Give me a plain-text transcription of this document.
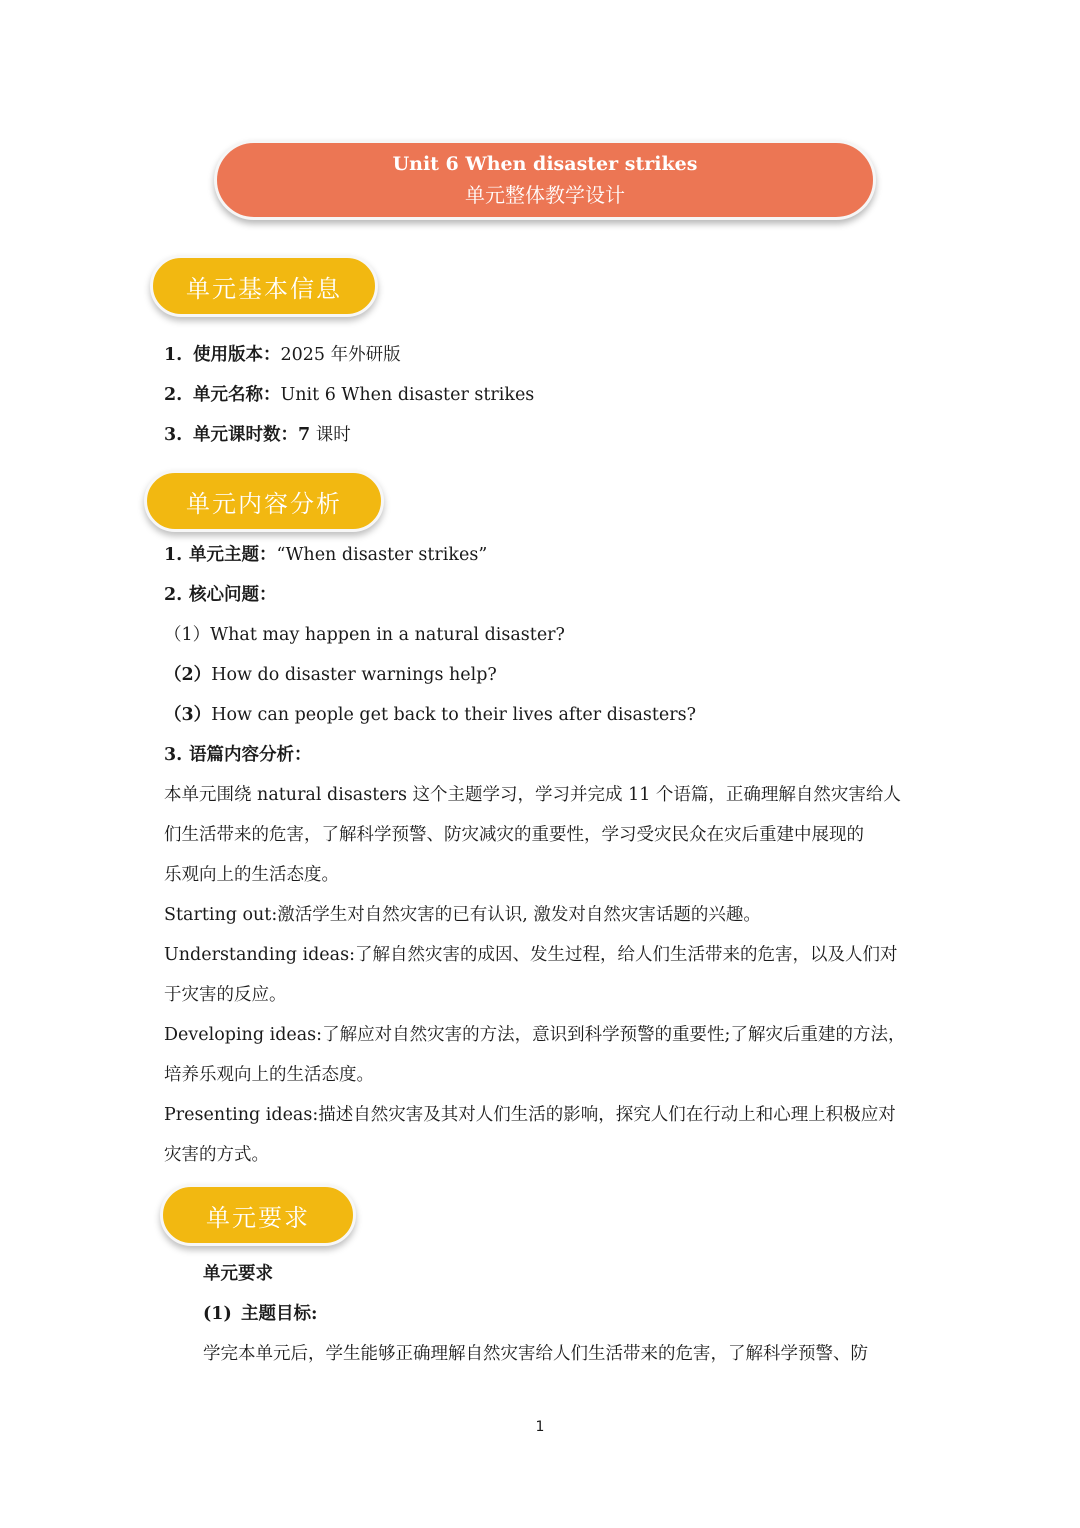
Unit 6 When disaster strikes
单元整体教学设计
单元基本信息
1. 使用版本：2025 年外研版
2. 单元名称：Unit 6 When disaster strikes
3. 单元课时数：7 课时
单元内容分析
1. 单元主题：“When disaster strikes”
2. 核心问题：
（1）What may happen in a natural disaster?
（2）How do disaster warnings help?
（3）How can people get back to their lives after disasters?
3. 语篇内容分析：
本单元围绕 natural disasters 这个主题学习，学习并完成 11 个语篇，正确理解自然灾害给人
们生活带来的危害，了解科学预警、防灾减灾的重要性，学习受灾民众在灾后重建中展现的
乐观向上的生活态度。
Starting out:激活学生对自然灾害的已有认识, 激发对自然灾害话题的兴趣。
Understanding ideas:了解自然灾害的成因、发生过程，给人们生活带来的危害，以及人们对
于灾害的反应。
Developing ideas:了解应对自然灾害的方法，意识到科学预警的重要性;了解灾后重建的方法，
培养乐观向上的生活态度。
Presenting ideas:描述自然灾害及其对人们生活的影响，探究人们在行动上和心理上积极应对
灾害的方式。
单元要求
单元要求
(1) 主题目标:
学完本单元后，学生能够正确理解自然灾害给人们生活带来的危害，了解科学预警、防
1
